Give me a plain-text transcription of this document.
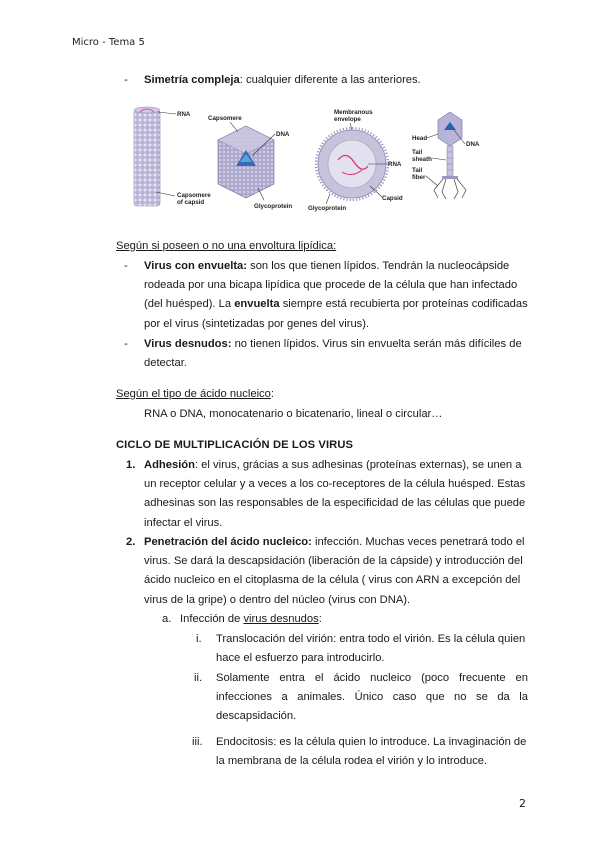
Micro - Tema 5
- Simetría compleja: cualquier diferente a las anteriores.
RNA
Capsomere
of capsid
Capsomere
DNA
Glycoprotein
Membranous
envelope
RNA
Capsid
Glycoprotein
Head
DNA
Tail
sheath
Tail
fiber
Según si poseen o no una envoltura lipídica:
- Virus con envuelta: son los que tienen lípidos. Tendrán la nucleocápside
rodeada por una bicapa lipídica que procede de la célula que han infectado
(del huésped). La envuelta siempre está recubierta por proteínas codificadas
por el virus (sintetizadas por genes del virus).
- Virus desnudos: no tienen lípidos. Virus sin envuelta serán más difíciles de
detectar.
Según el tipo de ácido nucleico:
RNA o DNA, monocatenario o bicatenario, lineal o circular…
CICLO DE MULTIPLICACIÓN DE LOS VIRUS
1. Adhesión: el virus, grácias a sus adhesinas (proteínas externas), se unen a
un receptor celular y a veces a los co-receptores de la célula huésped. Estas
adhesinas son las responsables de la especificidad de las células que puede
infectar el virus.
2. Penetración del ácido nucleico: infección. Muchas veces penetrará todo el
virus. Se dará la descapsidación (liberación de la cápside) y introducción del
ácido nucleico en el citoplasma de la célula ( virus con ARN a excepción del
virus de la gripe) o dentro del núcleo (virus con DNA).
a. Infección de virus desnudos:
i. Translocación del virión: entra todo el virión. Es la célula quien
hace el esfuerzo para introducirlo.
ii. Solamente entra el ácido nucleico (poco frecuente en
infecciones a animales. Único caso que no se da la
descapsidación.
iii. Endocitosis: es la célula quien lo introduce. La invaginación de
la membrana de la célula rodea el virión y lo introduce.
2
